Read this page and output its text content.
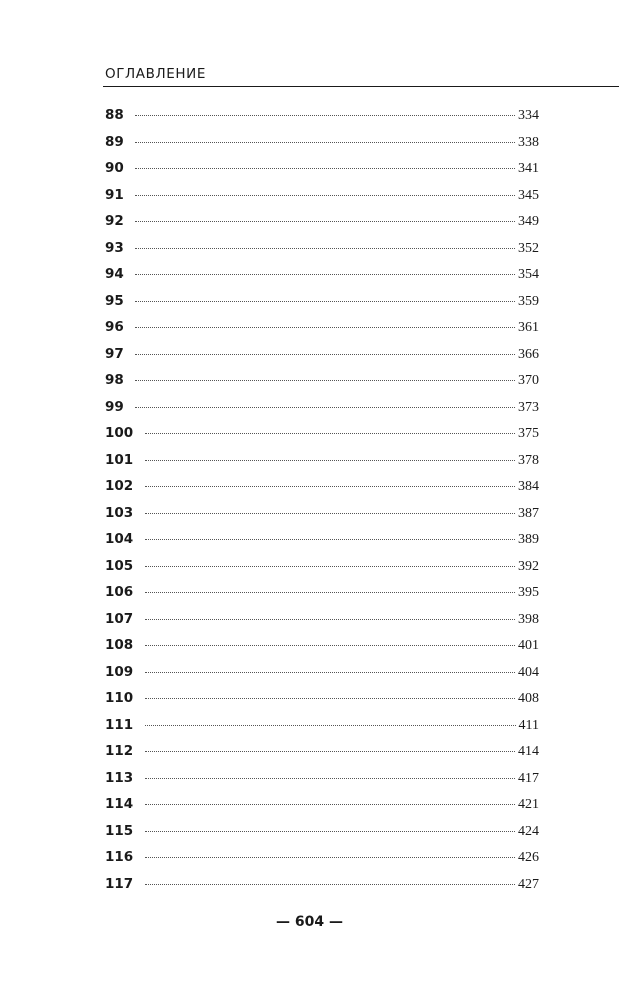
ОГЛАВЛЕНИЕ
88	334
89	338
90	341
91	345
92	349
93	352
94	354
95	359
96	361
97	366
98	370
99	373
100	375
101	378
102	384
103	387
104	389
105	392
106	395
107	398
108	401
109	404
110	408
111	411
112	414
113	417
114	421
115	424
116	426
117	427
— 604 —
